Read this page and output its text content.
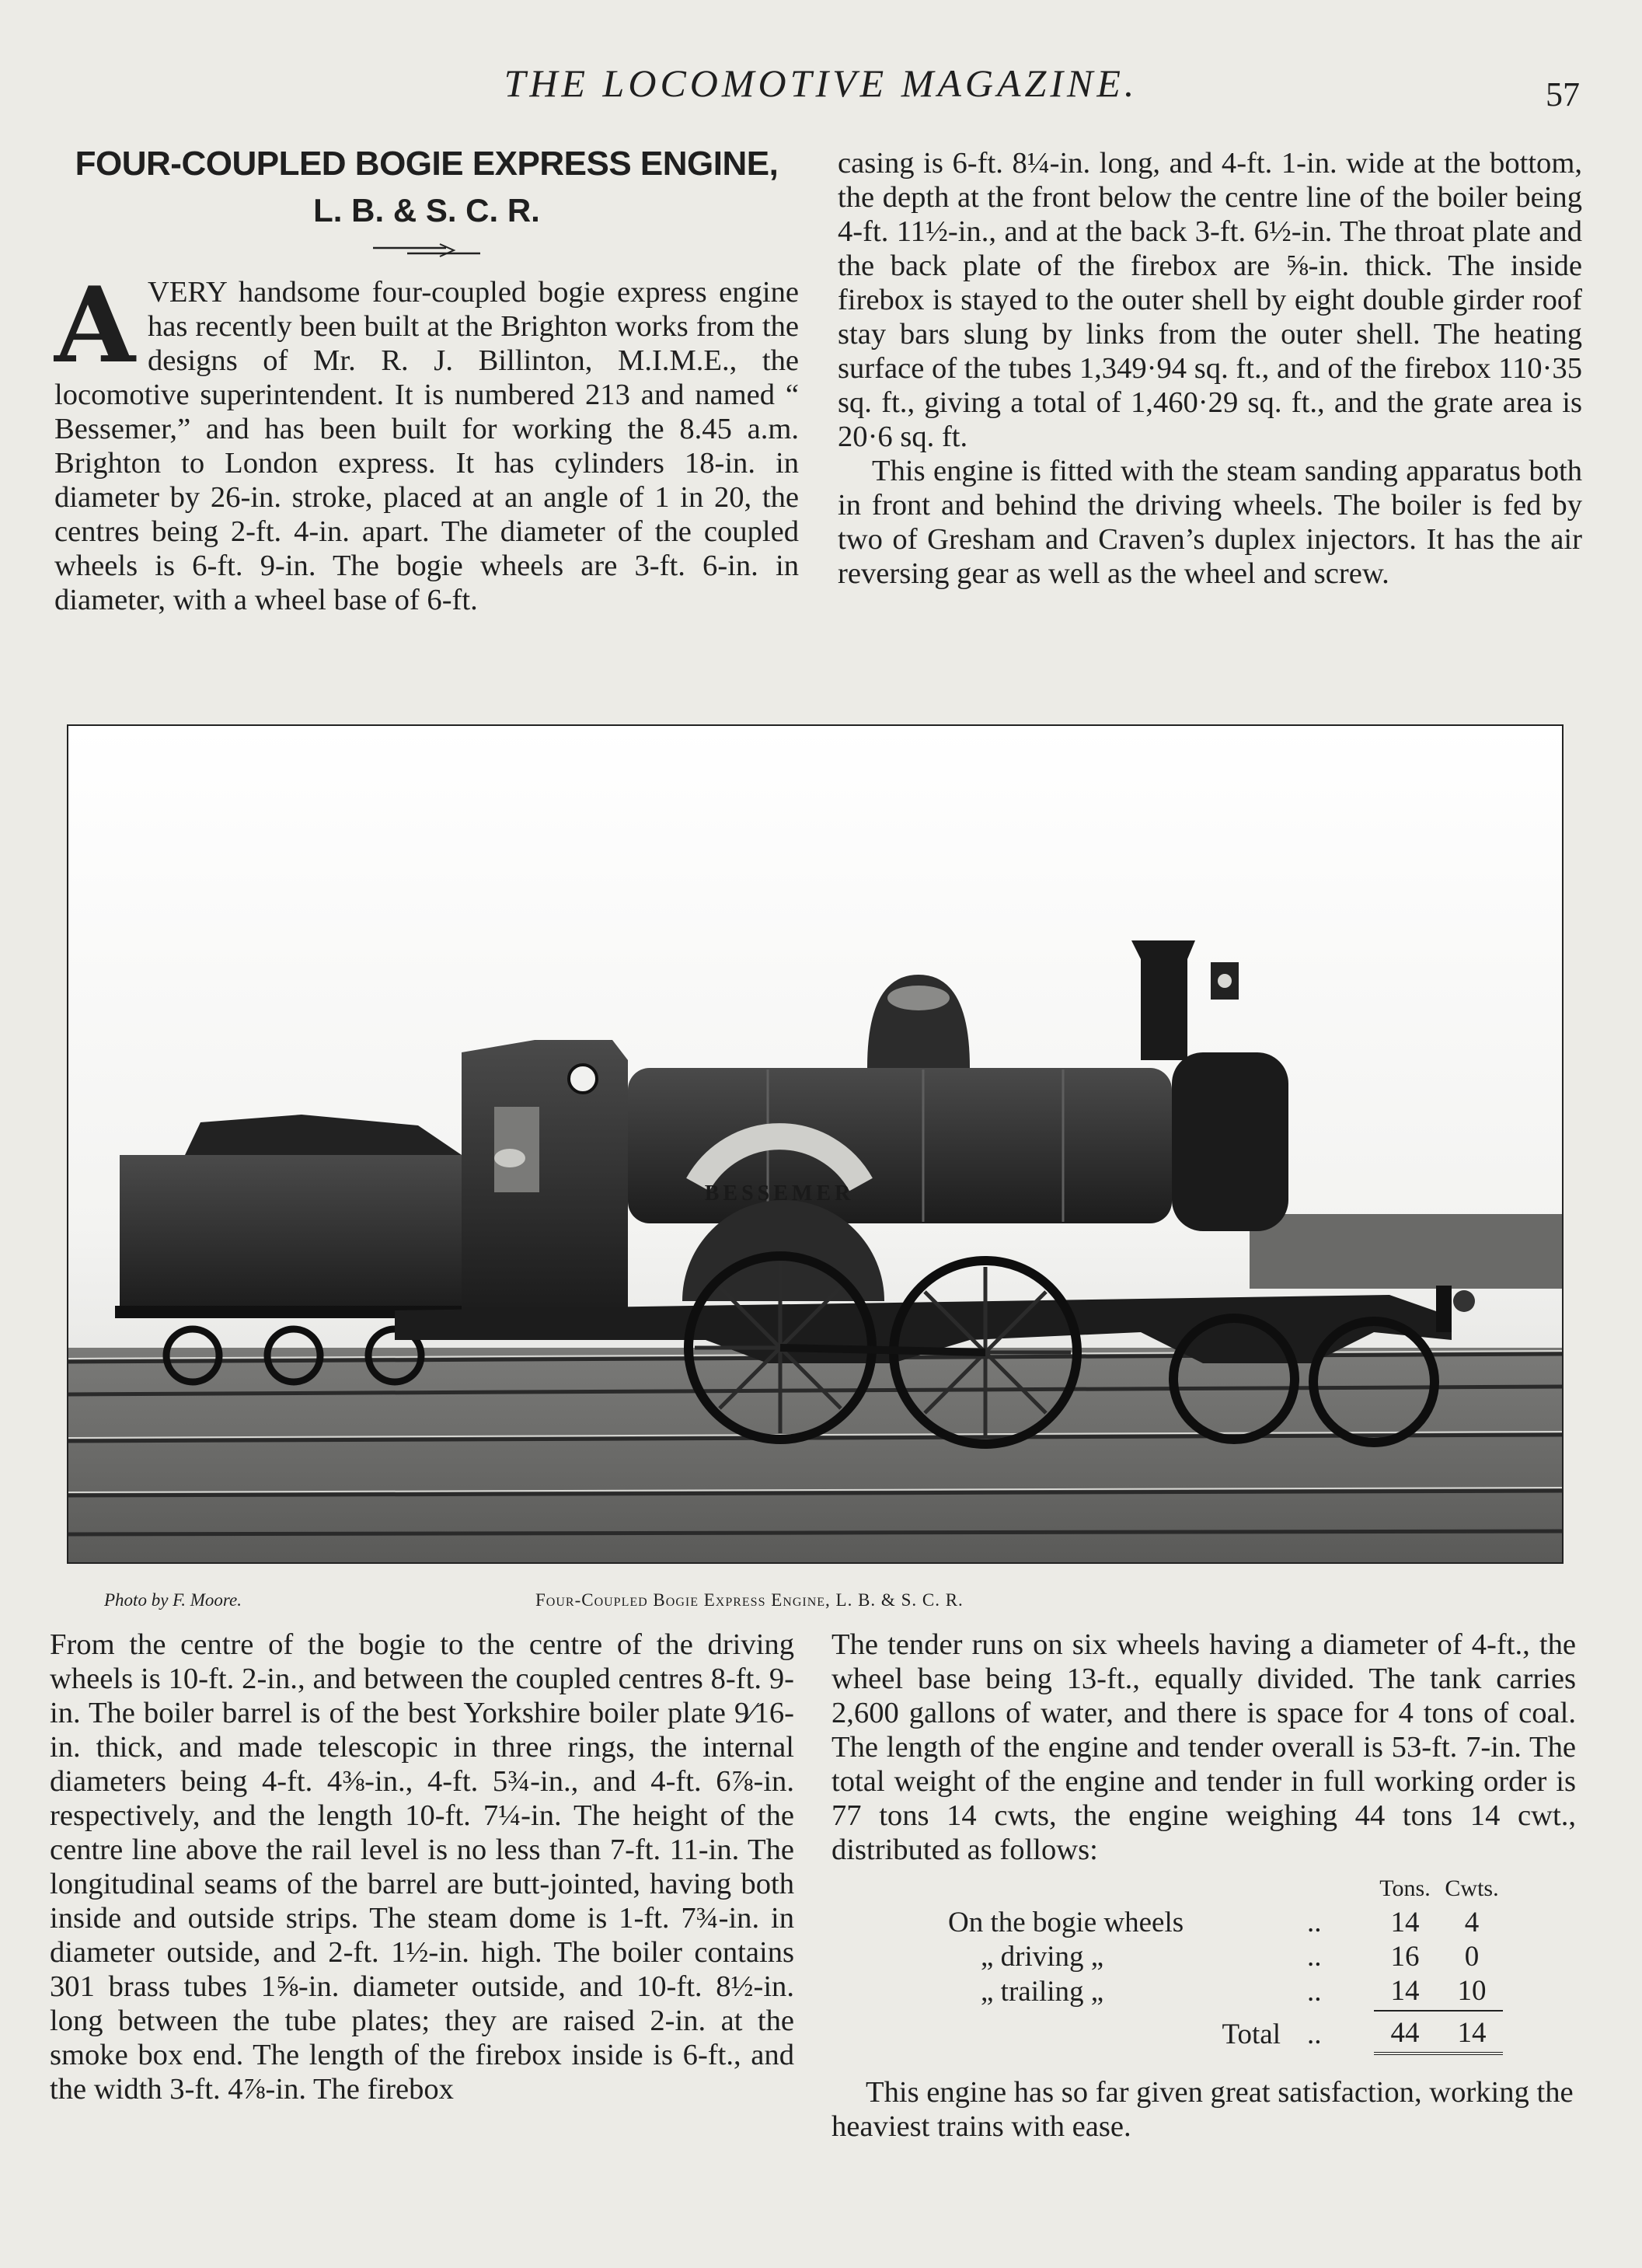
THE LOCOMOTIVE MAGAZINE.	57
FOUR-COUPLED BOGIE EXPRESS ENGINE,
L. B. & S. C. R.

AVERY handsome four-coupled bogie express engine has recently been built at the Brighton works from the designs of Mr. R. J. Billinton, M.I.M.E., the locomotive superintendent. It is numbered 213 and named “ Bessemer,” and has been built for working the 8.45 a.m. Brighton to London express. It has cylinders 18-in. in diameter by 26-in. stroke, placed at an angle of 1 in 20, the centres being 2-ft. 4-in. apart. The diameter of the coupled wheels is 6-ft. 9-in. The bogie wheels are 3-ft. 6-in. in diameter, with a wheel base of 6-ft.

casing is 6-ft. 8¼-in. long, and 4-ft. 1-in. wide at the bottom, the depth at the front below the centre line of the boiler being 4-ft. 11½-in., and at the back 3-ft. 6½-in. The throat plate and the back plate of the firebox are ⅝-in. thick. The inside firebox is stayed to the outer shell by eight double girder roof stay bars slung by links from the outer shell. The heating surface of the tubes 1,349·94 sq. ft., and of the firebox 110·35 sq. ft., giving a total of 1,460·29 sq. ft., and the grate area is 20·6 sq. ft.

This engine is fitted with the steam sanding apparatus both in front and behind the driving wheels. The boiler is fed by two of Gresham and Craven’s duplex injectors. It has the air reversing gear as well as the wheel and screw.

BESSEMER
Photo by F. Moore.	Four-Coupled Bogie Express Engine, L. B. & S. C. R.

From the centre of the bogie to the centre of the driving wheels is 10-ft. 2-in., and between the coupled centres 8-ft. 9-in. The boiler barrel is of the best Yorkshire boiler plate 9⁄16-in. thick, and made telescopic in three rings, the internal diameters being 4-ft. 4⅜-in., 4-ft. 5¾-in., and 4-ft. 6⅞-in. respectively, and the length 10-ft. 7¼-in. The height of the centre line above the rail level is no less than 7-ft. 11-in. The longitudinal seams of the barrel are butt-jointed, having both inside and outside strips. The steam dome is 1-ft. 7¾-in. in diameter outside, and 2-ft. 1½-in. high. The boiler contains 301 brass tubes 1⅝-in. diameter outside, and 10-ft. 8½-in. long between the tube plates; they are raised 2-in. at the smoke box end. The length of the firebox inside is 6-ft., and the width 3-ft. 4⅞-in. The firebox

The tender runs on six wheels having a diameter of 4-ft., the wheel base being 13-ft., equally divided. The tank carries 2,600 gallons of water, and there is space for 4 tons of coal. The length of the engine and tender overall is 53-ft. 7-in. The total weight of the engine and tender in full working order is 77 tons 14 cwts, the engine weighing 44 tons 14 cwt., distributed as follows:

		Tons.	Cwts.
On the bogie wheels	..	14	4
„ driving „	..	16	0
„ trailing „	..	14	10
Total	..	44	14

This engine has so far given great satisfaction, working the heaviest trains with ease.
